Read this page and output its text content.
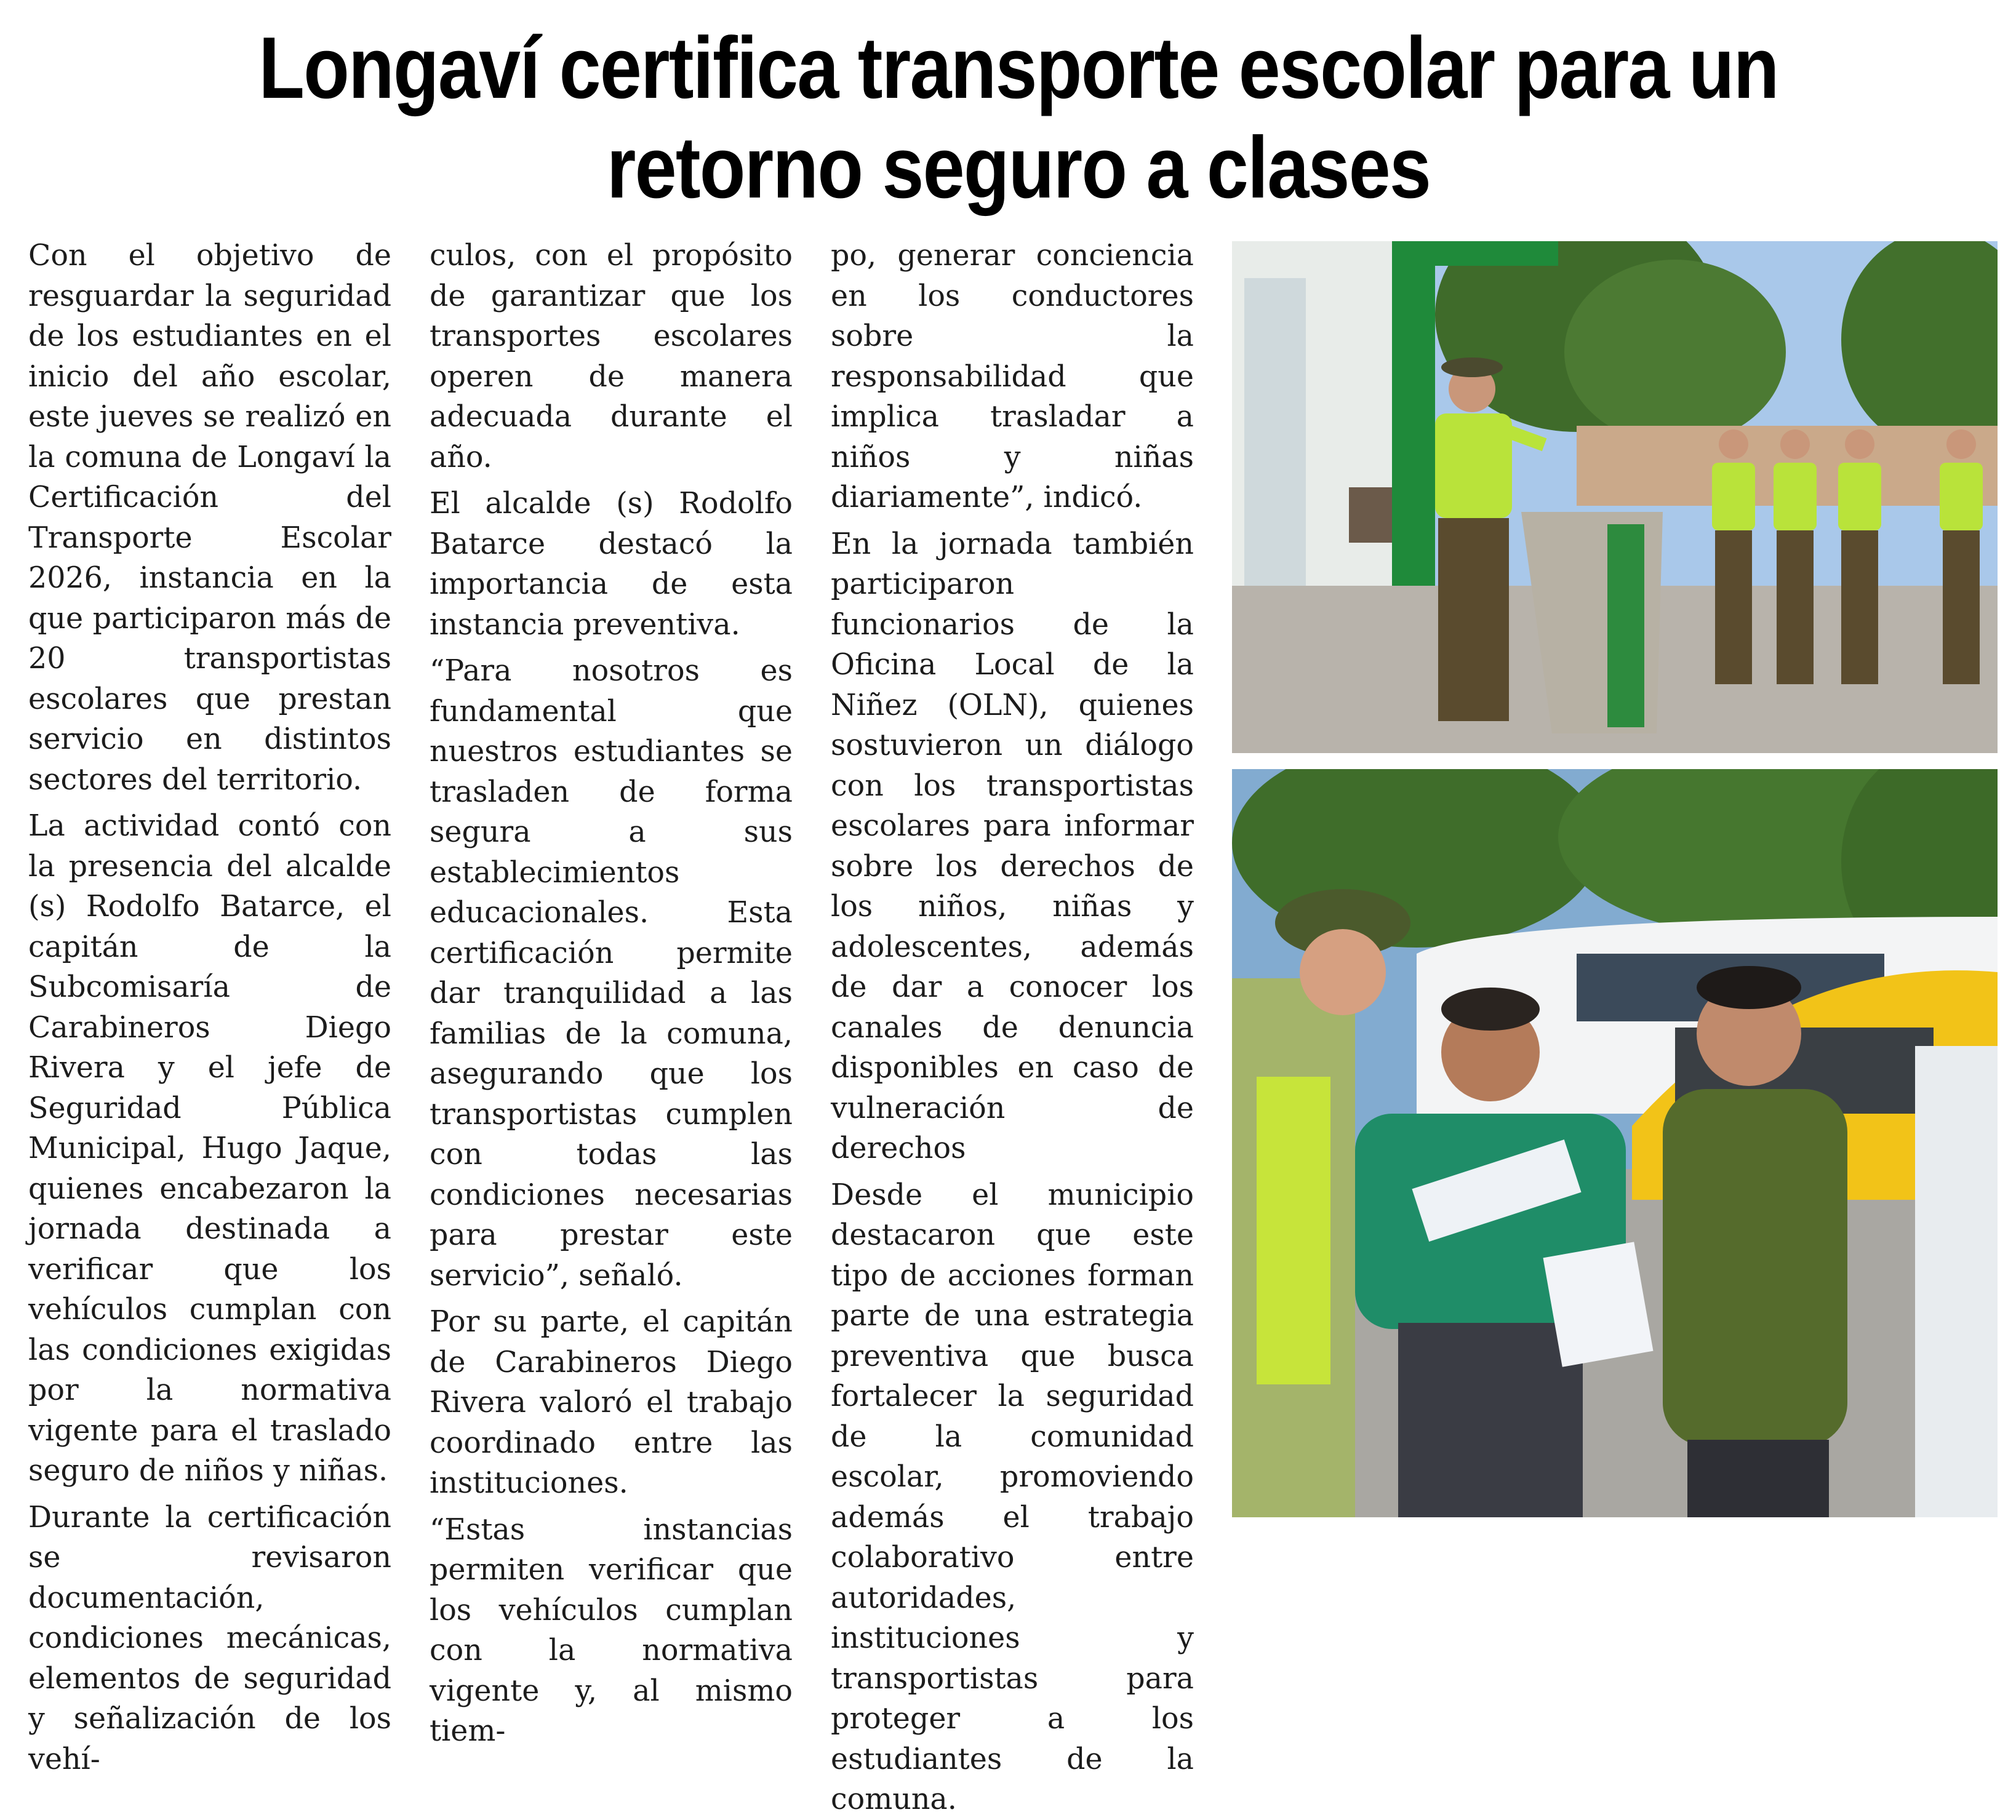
Longaví certifica transporte escolar para un
retorno seguro a clases

Con el objetivo de resguardar la seguridad de los estudiantes en el inicio del año escolar, este jueves se realizó en la comuna de Longaví la Certificación del Transporte Escolar 2026, instancia en la que participaron más de 20 transportistas escolares que prestan servicio en distintos sectores del territorio.

La actividad contó con la presencia del alcalde (s) Rodolfo Batarce, el capitán de la Subcomisaría de Carabineros Diego Rivera y el jefe de Seguridad Pública Municipal, Hugo Jaque, quienes encabezaron la jornada destinada a verificar que los vehículos cumplan con las condiciones exigidas por la normativa vigente para el traslado seguro de niños y niñas.

Durante la certificación se revisaron documentación, condiciones mecánicas, elementos de seguridad y señalización de los vehí-

culos, con el propósito de garantizar que los transportes escolares operen de manera adecuada durante el año.

El alcalde (s) Rodolfo Batarce destacó la importancia de esta instancia preventiva.

“Para nosotros es fundamental que nuestros estudiantes se trasladen de forma segura a sus establecimientos educacionales. Esta certificación permite dar tranquilidad a las familias de la comuna, asegurando que los transportistas cumplen con todas las condiciones necesarias para prestar este servicio”, señaló.

Por su parte, el capitán de Carabineros Diego Rivera valoró el trabajo coordinado entre las instituciones.

“Estas instancias permiten verificar que los vehículos cumplan con la normativa vigente y, al mismo tiem-

po, generar conciencia en los conductores sobre la responsabilidad que implica trasladar a niños y niñas diariamente”, indicó.

En la jornada también participaron funcionarios de la Oficina Local de la Niñez (OLN), quienes sostuvieron un diálogo con los transportistas escolares para informar sobre los derechos de los niños, niñas y adolescentes, además de dar a conocer los canales de denuncia disponibles en caso de vulneración de derechos

Desde el municipio destacaron que este tipo de acciones forman parte de una estrategia preventiva que busca fortalecer la seguridad de la comunidad escolar, promoviendo además el trabajo colaborativo entre autoridades, instituciones y transportistas para proteger a los estudiantes de la comuna.
